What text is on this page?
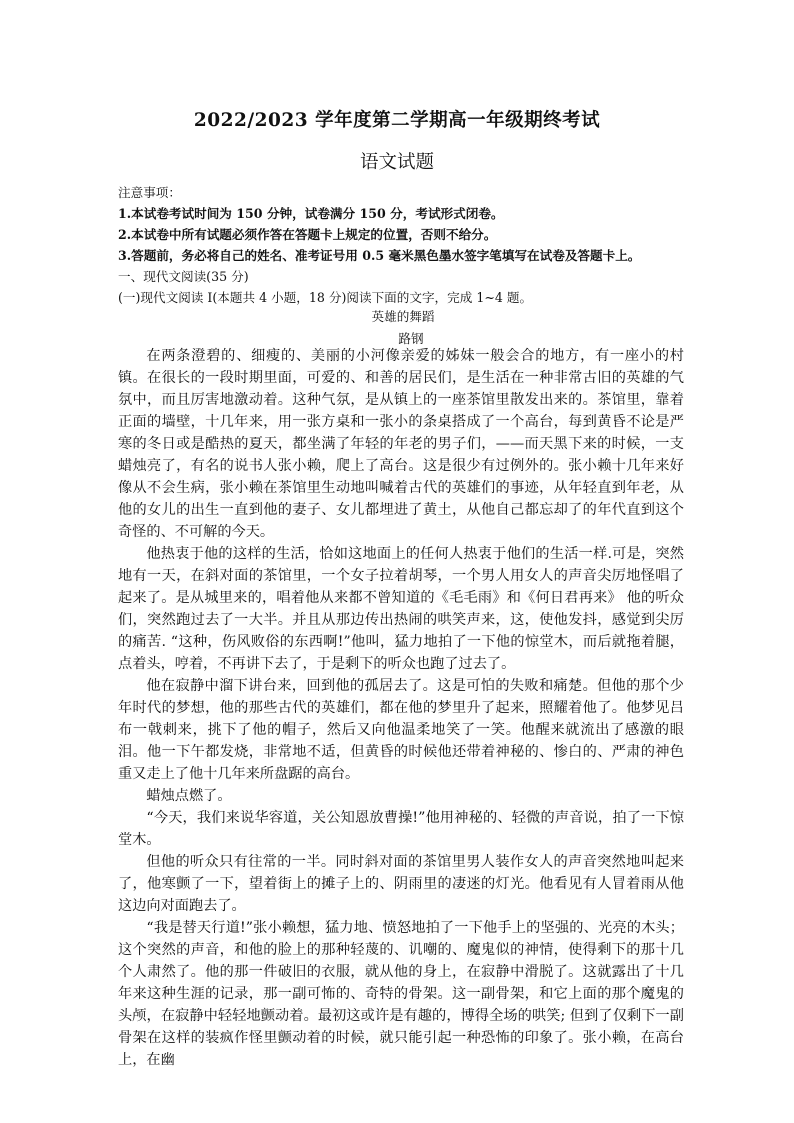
2022/2023 学年度第二学期高一年级期终考试
语文试题
注意事项：
1.本试卷考试时间为 150 分钟，试卷满分 150 分，考试形式闭卷。
2.本试卷中所有试题必须作答在答题卡上规定的位置，否则不给分。
3.答题前，务必将自己的姓名、准考证号用 0.5 毫米黑色墨水签字笔填写在试卷及答题卡上。
一、现代文阅读(35 分)
(一)现代文阅读 I(本题共 4 小题，18 分)阅读下面的文字，完成 1~4 题。
英雄的舞蹈
路钢

在两条澄碧的、细瘦的、美丽的小河像亲爱的姊妹一般会合的地方，有一座小的村镇。在很长的一段时期里面，可爱的、和善的居民们，是生活在一种非常古旧的英雄的气氛中，而且厉害地激动着。这种气氛，是从镇上的一座茶馆里散发出来的。茶馆里，靠着正面的墙壁，十几年来，用一张方桌和一张小的条桌搭成了一个高台，每到黄昏不论是严寒的冬日或是酷热的夏天，都坐满了年轻的年老的男子们，——而天黑下来的时候，一支蜡烛亮了，有名的说书人张小赖，爬上了高台。这是很少有过例外的。张小赖十几年来好像从不会生病，张小赖在茶馆里生动地叫喊着古代的英雄们的事迹，从年轻直到年老，从他的女儿的出生一直到他的妻子、女儿都埋进了黄土，从他自己都忘却了的年代直到这个奇怪的、不可解的今天。

他热衷于他的这样的生活，恰如这地面上的任何人热衷于他们的生活一样.可是，突然地有一天，在斜对面的茶馆里，一个女子拉着胡琴，一个男人用女人的声音尖厉地怪唱了起来了。是从城里来的，唱着他从来都不曾知道的《毛毛雨》和《何日君再来》 他的听众们，突然跑过去了一大半。并且从那边传出热闹的哄笑声来，这，使他发抖，感觉到尖厉的痛苦. “这种，伤风败俗的东西啊!”他叫，猛力地拍了一下他的惊堂木，而后就拖着腿，点着头，哼着，不再讲下去了，于是剩下的听众也跑了过去了。

他在寂静中溜下讲台来，回到他的孤居去了。这是可怕的失败和痛楚。但他的那个少年时代的梦想，他的那些古代的英雄们，都在他的梦里升了起来，照耀着他了。他梦见吕布一戟刺来，挑下了他的帽子，然后又向他温柔地笑了一笑。他醒来就流出了感激的眼泪。他一下午都发烧，非常地不适，但黄昏的时候他还带着神秘的、惨白的、严肃的神色重又走上了他十几年来所盘踞的高台。

蜡烛点燃了。

“今天，我们来说华容道，关公知恩放曹操!”他用神秘的、轻微的声音说，拍了一下惊堂木。

但他的听众只有往常的一半。同时斜对面的茶馆里男人装作女人的声音突然地叫起来了，他寒颤了一下，望着街上的摊子上的、阴雨里的凄迷的灯光。他看见有人冒着雨从他这边向对面跑去了。

“我是替天行道!”张小赖想，猛力地、愤怒地拍了一下他手上的坚强的、光亮的木头；这个突然的声音，和他的脸上的那种轻蔑的、讥嘲的、魔鬼似的神情，使得剩下的那十几个人肃然了。他的那一件破旧的衣服，就从他的身上，在寂静中滑脱了。这就露出了十几年来这种生涯的记录，那一副可怖的、奇特的骨架。这一副骨架，和它上面的那个魔鬼的头颅，在寂静中轻轻地颤动着。最初这或许是有趣的，博得全场的哄笑; 但到了仅剩下一副骨架在这样的装疯作怪里颤动着的时候，就只能引起一种恐怖的印象了。张小赖，在高台上，在幽
